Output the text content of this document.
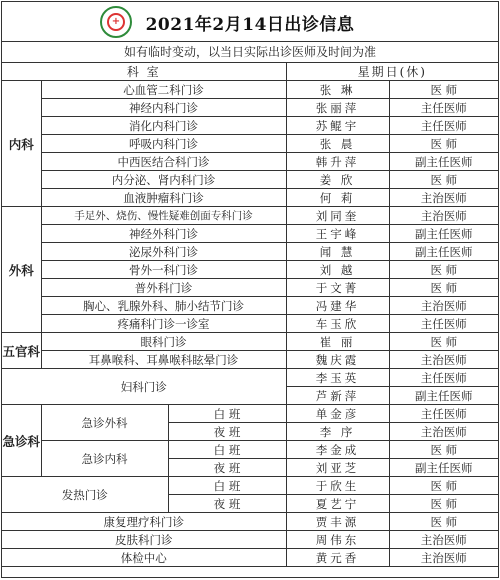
+	2021年2月14日出诊信息
如有临时变动，以当日实际出诊医师及时间为准
科 室			星期日(休)	
内科	心血管二科门诊		张 琳	医 师
	神经内科门诊		张丽萍	主任医师
	消化内科门诊		苏鲲宇	主任医师
	呼吸内科门诊		张 晨	医 师
	中西医结合科门诊		韩升萍	副主任医师
	内分泌、肾内科门诊		姜 欣	医 师
	血液肿瘤科门诊		何 莉	主治医师
外科	手足外、烧伤、慢性疑难创面专科门诊		刘同奎	主治医师
	神经外科门诊		王宇峰	副主任医师
	泌尿外科门诊		闻 慧	副主任医师
	骨外一科门诊		刘 越	医 师
	普外科门诊		于文菁	医 师
	胸心、乳腺外科、肺小结节门诊		冯建华	主治医师
	疼痛科门诊一诊室		车玉欣	主任医师
五官科	眼科门诊		崔 丽	医 师
	耳鼻喉科、耳鼻喉科眩晕门诊		魏庆霞	主治医师
妇科门诊			李玉英	主任医师
			芦新萍	副主任医师
急诊科	急诊外科	白 班	单金彦	主任医师
		夜 班	李 序	主治医师
	急诊内科	白 班	李金成	医 师
		夜 班	刘亚芝	副主任医师
发热门诊		白 班	于欣生	医 师
		夜 班	夏艺宁	医 师
康复理疗科门诊			贾丰源	医 师
皮肤科门诊			周伟东	主治医师
体检中心			黄元香	主治医师
